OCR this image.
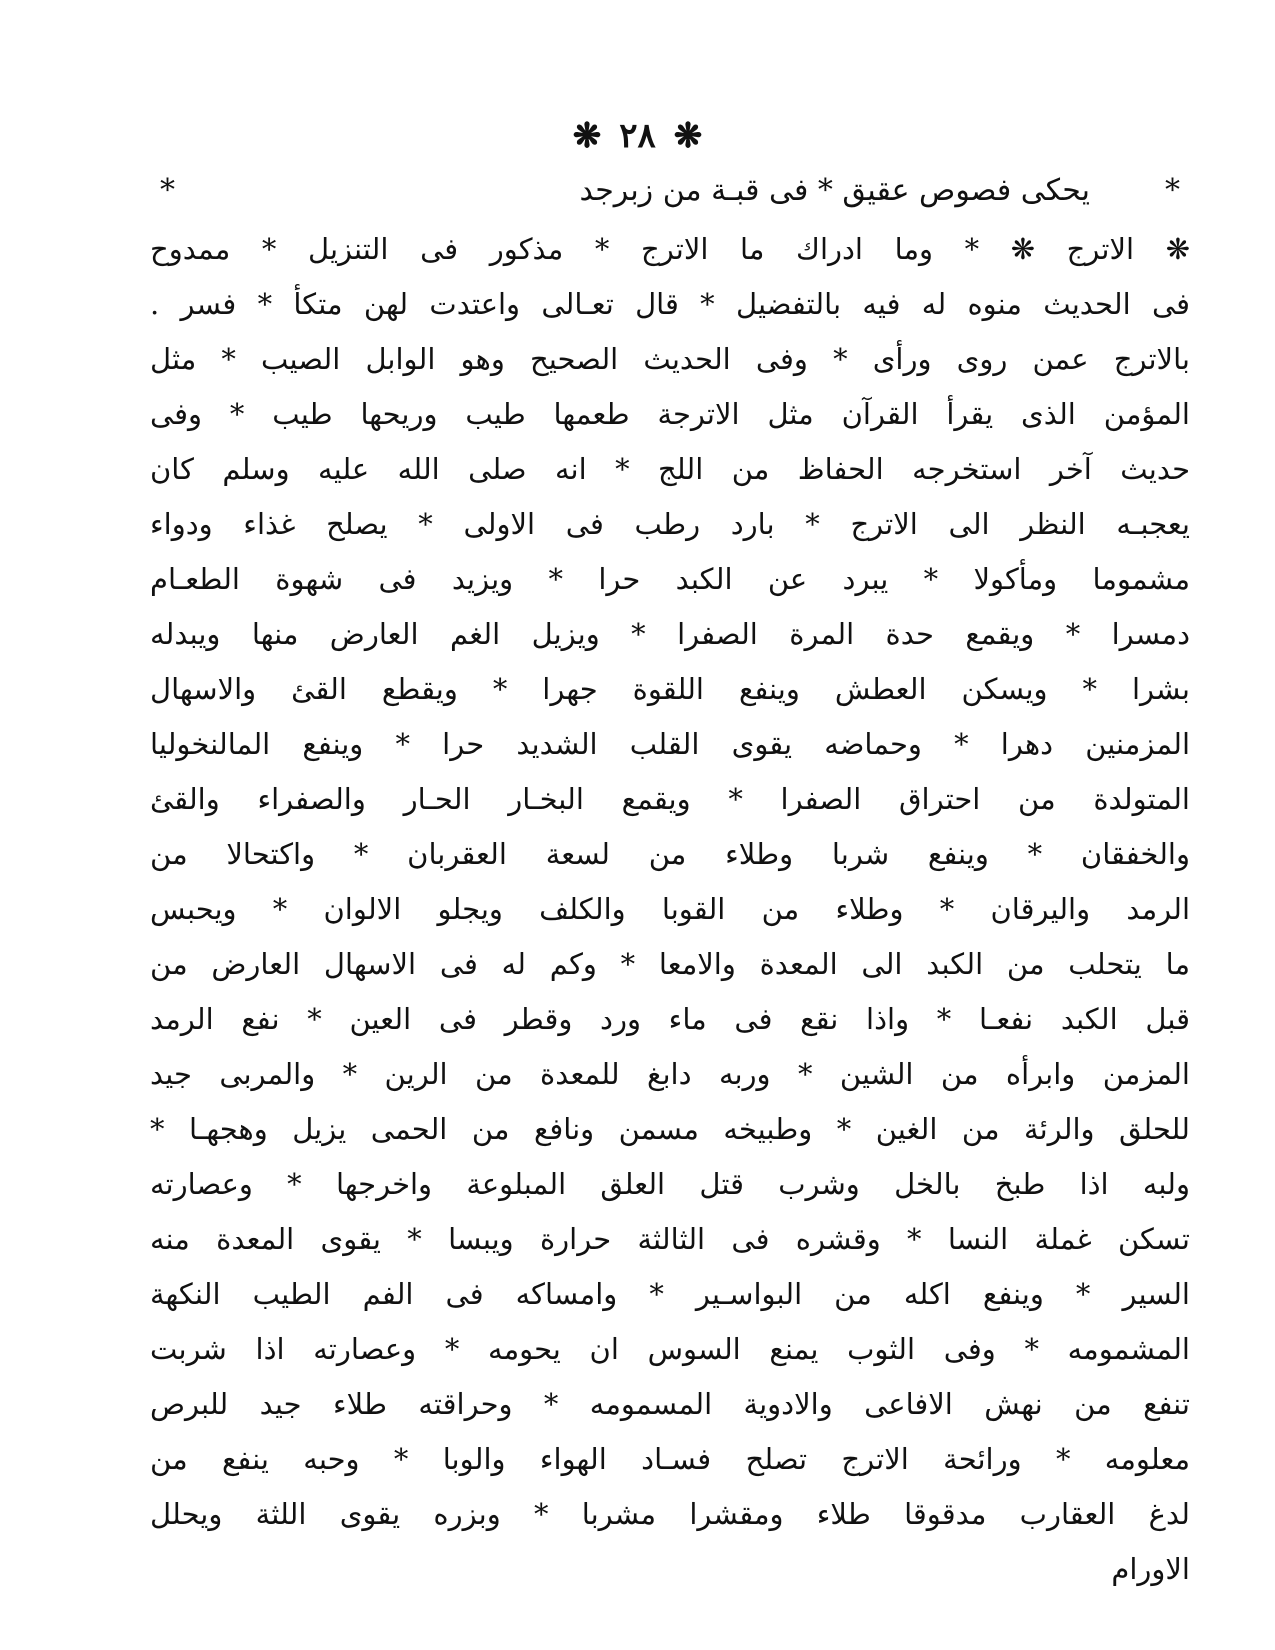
❋
٢٨
❋
*
يحكى فصوص عقيق * فى قبـة من زبرجد
*
❋ الاترج ❋ * وما ادراك ما الاترج * مذكور فى التنزيل * ممدوح
فى الحديث منوه له فيه بالتفضيل * قال تعـالى واعتدت لهن متكأ * فسر .
بالاترج عمن روى ورأى * وفى الحديث الصحيح وهو الوابل الصيب * مثل
المؤمن الذى يقرأ القرآن مثل الاترجة طعمها طيب وريحها طيب * وفى
حديث آخر استخرجه الحفاظ من اللج * انه صلى الله عليه وسلم كان
يعجبـه النظر الى الاترج * بارد رطب فى الاولى * يصلح غذاء ودواء
مشموما ومأكولا * يبرد عن الكبد حرا * ويزيد فى شهوة الطعـام
دمسرا * ويقمع حدة المرة الصفرا * ويزيل الغم العارض منها ويبدله
بشرا * ويسكن العطش وينفع اللقوة جهرا * ويقطع القئ والاسهال
المزمنين دهرا * وحماضه يقوى القلب الشديد حرا * وينفع المالنخوليا
المتولدة من احتراق الصفرا * ويقمع البخـار الحـار والصفراء والقئ
والخفقان * وينفع شربا وطلاء من لسعة العقربان * واكتحالا من
الرمد واليرقان * وطلاء من القوبا والكلف ويجلو الالوان * ويحبس
ما يتحلب من الكبد الى المعدة والامعا * وكم له فى الاسهال العارض من
قبل الكبد نفعـا * واذا نقع فى ماء ورد وقطر فى العين * نفع الرمد
المزمن وابرأه من الشين * وربه دابغ للمعدة من الرين * والمربى جيد
للحلق والرئة من الغين * وطبيخه مسمن ونافع من الحمى يزيل وهجهـا *
ولبه اذا طبخ بالخل وشرب قتل العلق المبلوعة واخرجها * وعصارته
تسكن غملة النسا * وقشره فى الثالثة حرارة ويبسا * يقوى المعدة منه
السير * وينفع اكله من البواسـير * وامساكه فى الفم الطيب النكهة
المشمومه * وفى الثوب يمنع السوس ان يحومه * وعصارته اذا شربت
تنفع من نهش الافاعى والادوية المسمومه * وحراقته طلاء جيد للبرص
معلومه * ورائحة الاترج تصلح فسـاد الهواء والوبا * وحبه ينفع من
لدغ العقارب مدقوقا طلاء ومقشرا مشربا * وبزره يقوى اللثة ويحلل
الاورام
